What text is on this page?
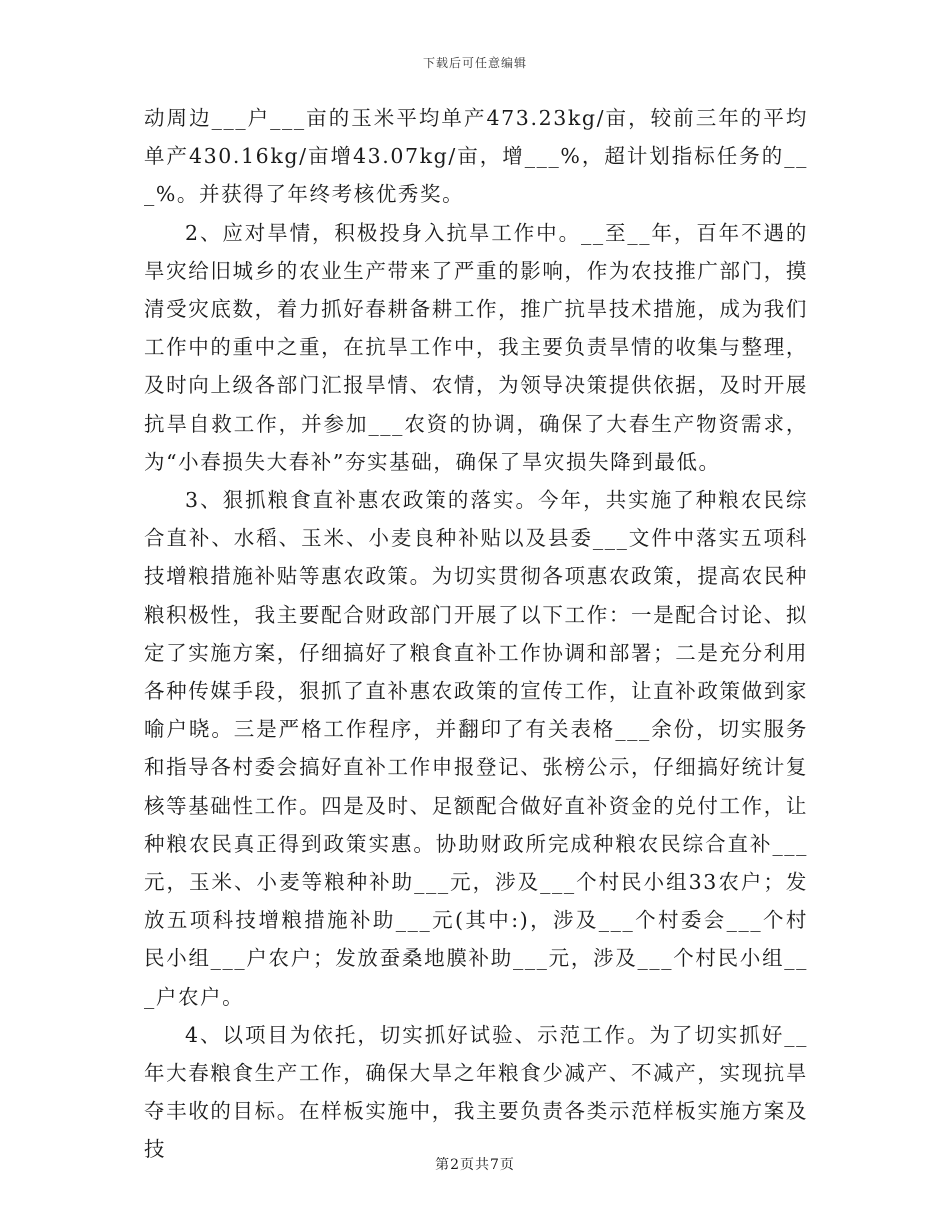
下载后可任意编辑

动周边___户___亩的玉米平均单产473.23kg/亩，较前三年的平均单产430.16kg/亩增43.07kg/亩，增___%，超计划指标任务的___%。并获得了年终考核优秀奖。

2、应对旱情，积极投身入抗旱工作中。__至__年，百年不遇的旱灾给旧城乡的农业生产带来了严重的影响，作为农技推广部门，摸清受灾底数，着力抓好春耕备耕工作，推广抗旱技术措施，成为我们工作中的重中之重，在抗旱工作中，我主要负责旱情的收集与整理，及时向上级各部门汇报旱情、农情，为领导决策提供依据，及时开展抗旱自救工作，并参加___农资的协调，确保了大春生产物资需求，为“小春损失大春补”夯实基础，确保了旱灾损失降到最低。

3、狠抓粮食直补惠农政策的落实。今年，共实施了种粮农民综合直补、水稻、玉米、小麦良种补贴以及县委___文件中落实五项科技增粮措施补贴等惠农政策。为切实贯彻各项惠农政策，提高农民种粮积极性，我主要配合财政部门开展了以下工作：一是配合讨论、拟定了实施方案，仔细搞好了粮食直补工作协调和部署；二是充分利用各种传媒手段，狠抓了直补惠农政策的宣传工作，让直补政策做到家喻户晓。三是严格工作程序，并翻印了有关表格___余份，切实服务和指导各村委会搞好直补工作申报登记、张榜公示，仔细搞好统计复核等基础性工作。四是及时、足额配合做好直补资金的兑付工作，让种粮农民真正得到政策实惠。协助财政所完成种粮农民综合直补___元，玉米、小麦等粮种补助___元，涉及___个村民小组33农户；发放五项科技增粮措施补助___元(其中:)，涉及___个村委会___个村民小组___户农户；发放蚕桑地膜补助___元，涉及___个村民小组___户农户。

4、以项目为依托，切实抓好试验、示范工作。为了切实抓好__年大春粮食生产工作，确保大旱之年粮食少减产、不减产，实现抗旱夺丰收的目标。在样板实施中，我主要负责各类示范样板实施方案及技

第2页共7页
